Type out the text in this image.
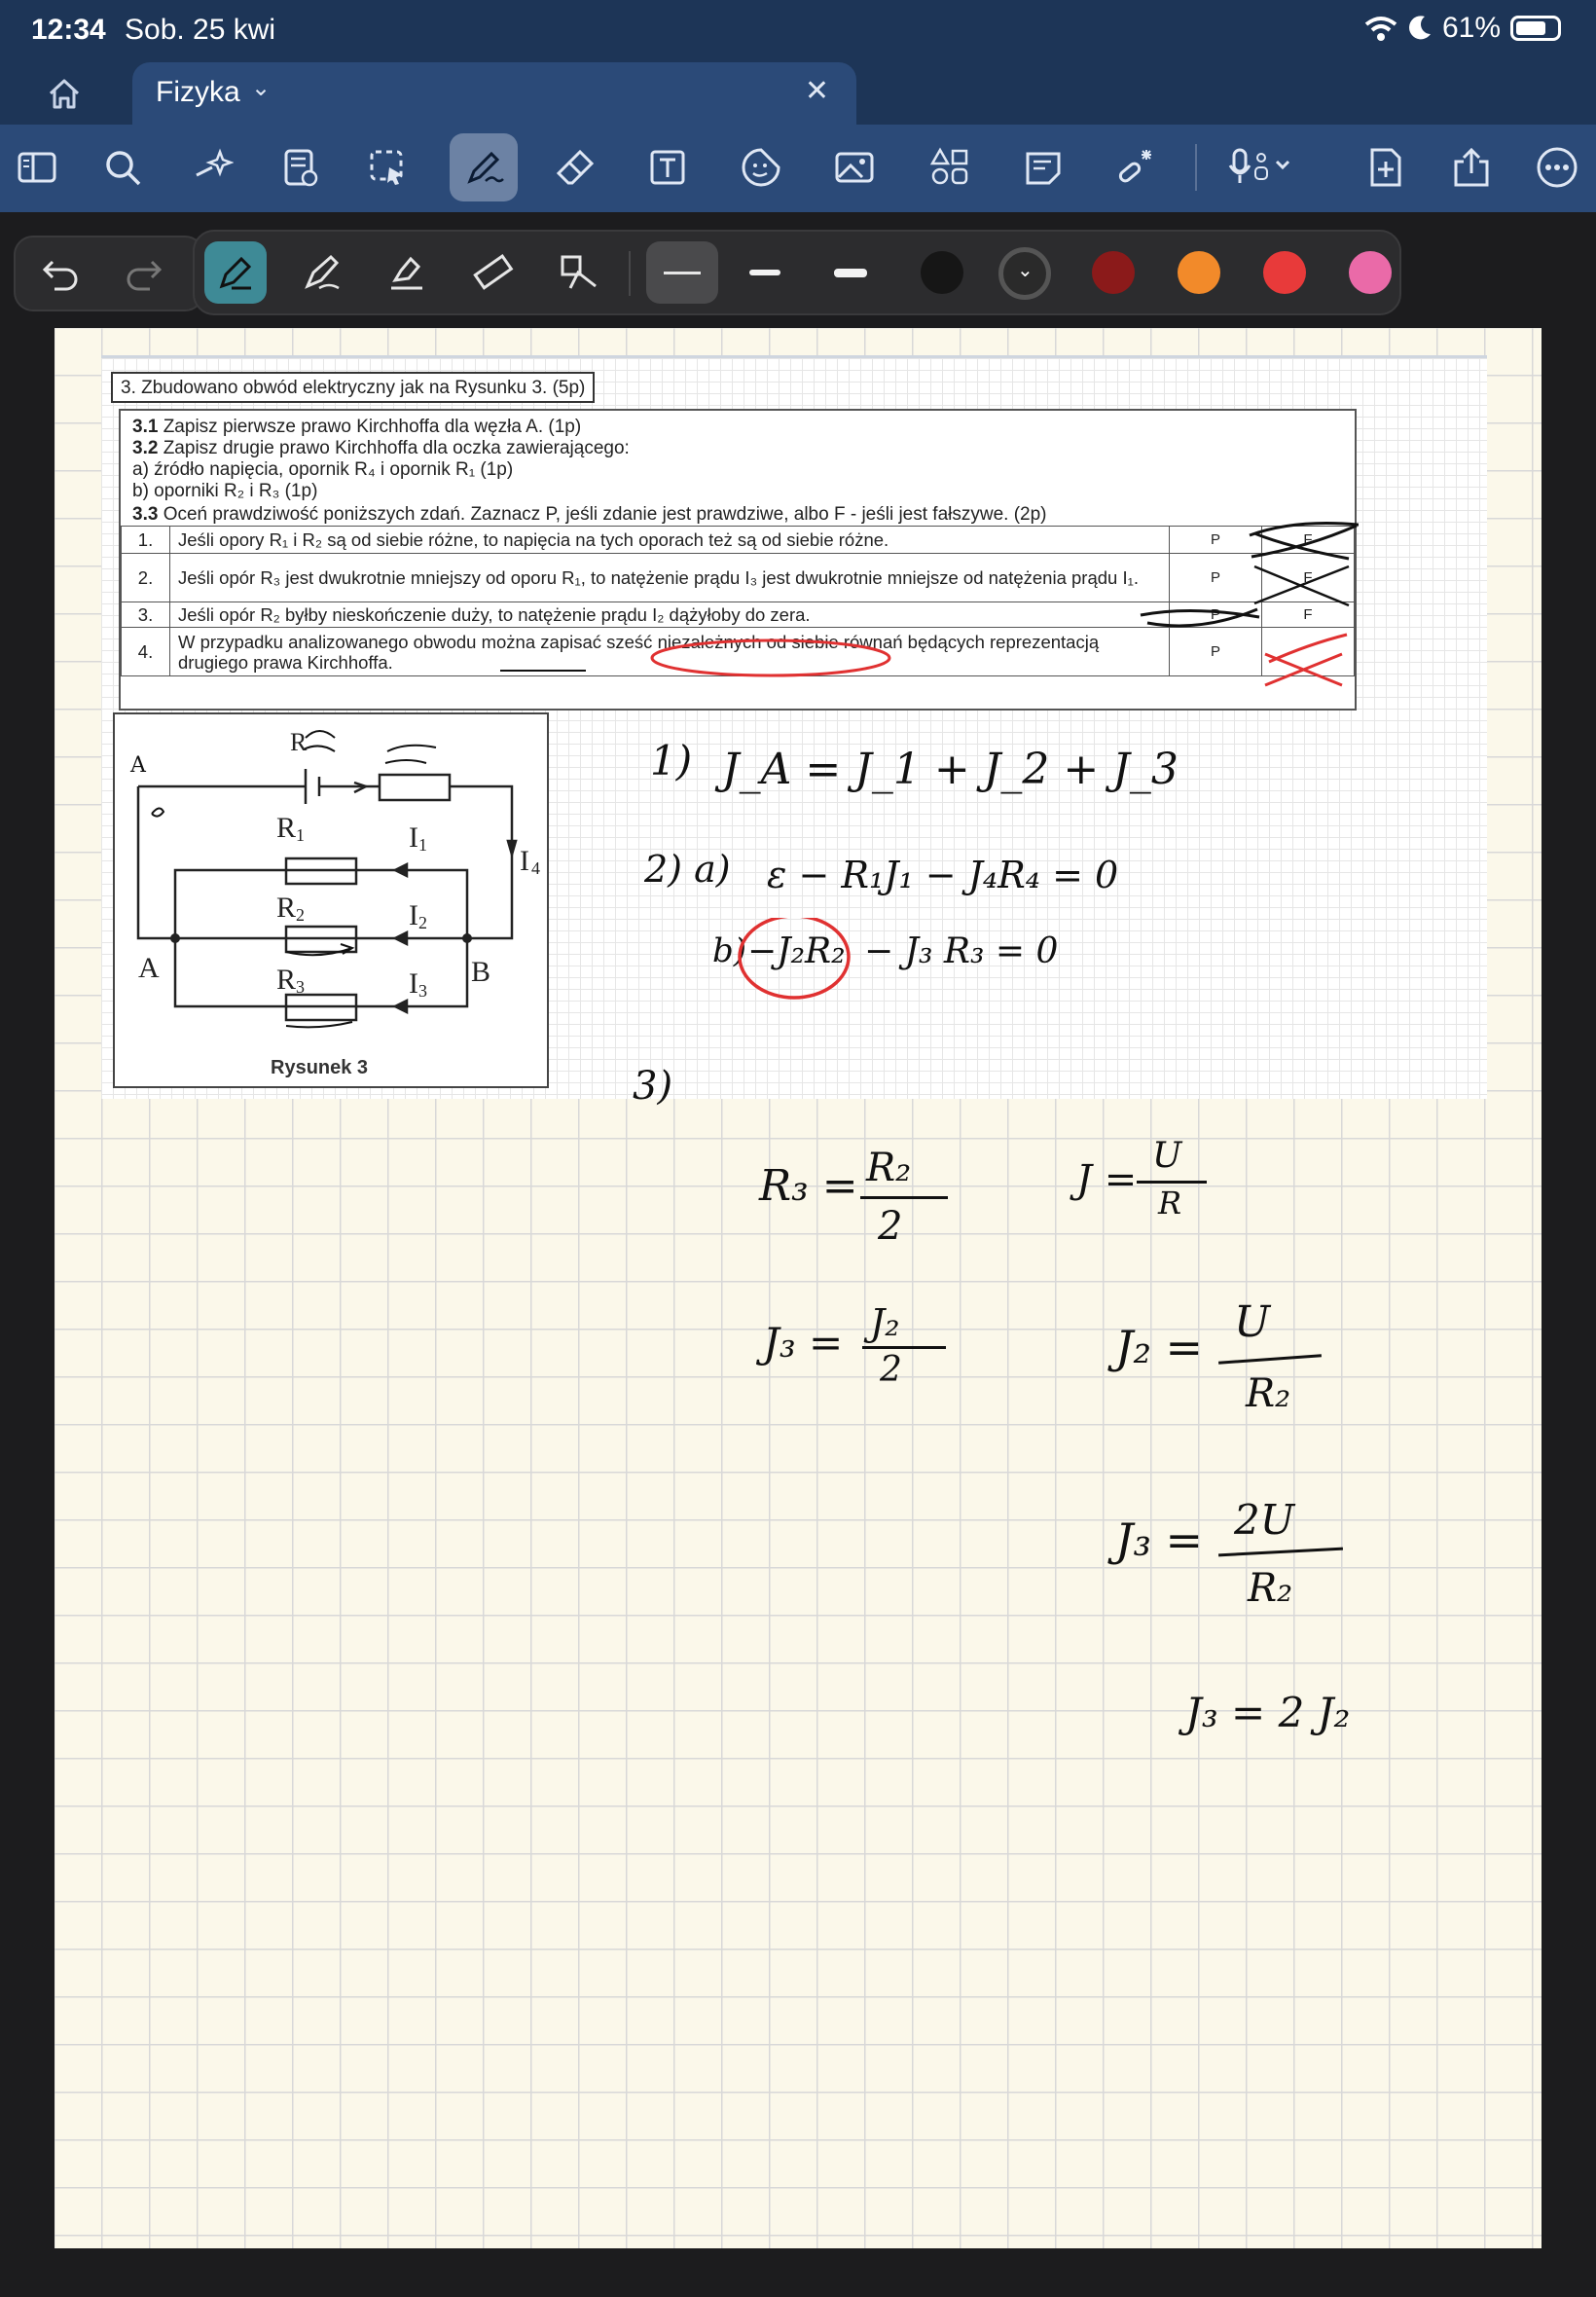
12:34 Sob. 25 kwi	61%
Fizyka ⌄	✕
⌄
3. Zbudowano obwód elektryczny jak na Rysunku 3. (5p)
3.1 Zapisz pierwsze prawo Kirchhoffa dla węzła A. (1p)
3.2 Zapisz drugie prawo Kirchhoffa dla oczka zawierającego:
a) źródło napięcia, opornik R₄ i opornik R₁ (1p)
b) oporniki R₂ i R₃ (1p)
3.3 Oceń prawdziwość poniższych zdań. Zaznacz P, jeśli zdanie jest prawdziwe, albo F - jeśli jest fałszywe. (2p)
1.	Jeśli opory R₁ i R₂ są od siebie różne, to napięcia na tych oporach też są od siebie różne.	P	F
2.	Jeśli opór R₃ jest dwukrotnie mniejszy od oporu R₁, to natężenie prądu I₃ jest dwukrotnie mniejsze od natężenia prądu I₁.	P	F
3.	Jeśli opór R₂ byłby nieskończenie duży, to natężenie prądu I₂ dążyłoby do zera.	P	F
4.	W przypadku analizowanego obwodu można zapisać sześć niezależnych od siebie równań będących reprezentacją drugiego prawa Kirchhoffa.	P	
R
R 1
R 2
R 3
I 1
I 2
I 3
I 4
A	B
A
Rysunek 3
1) J_A = J_1 + J_2 + J_3
2) a) ε − R₁J₁ − J₄R₄ = 0
b) −J₂R₂ − J₃ R₃ = 0
3)
R₃ = R₂
2
J =
U
R
J₃ = J₂
2	J₂ = U
R₂
J₃ = 2U
R₂
J₃ = 2 J₂
